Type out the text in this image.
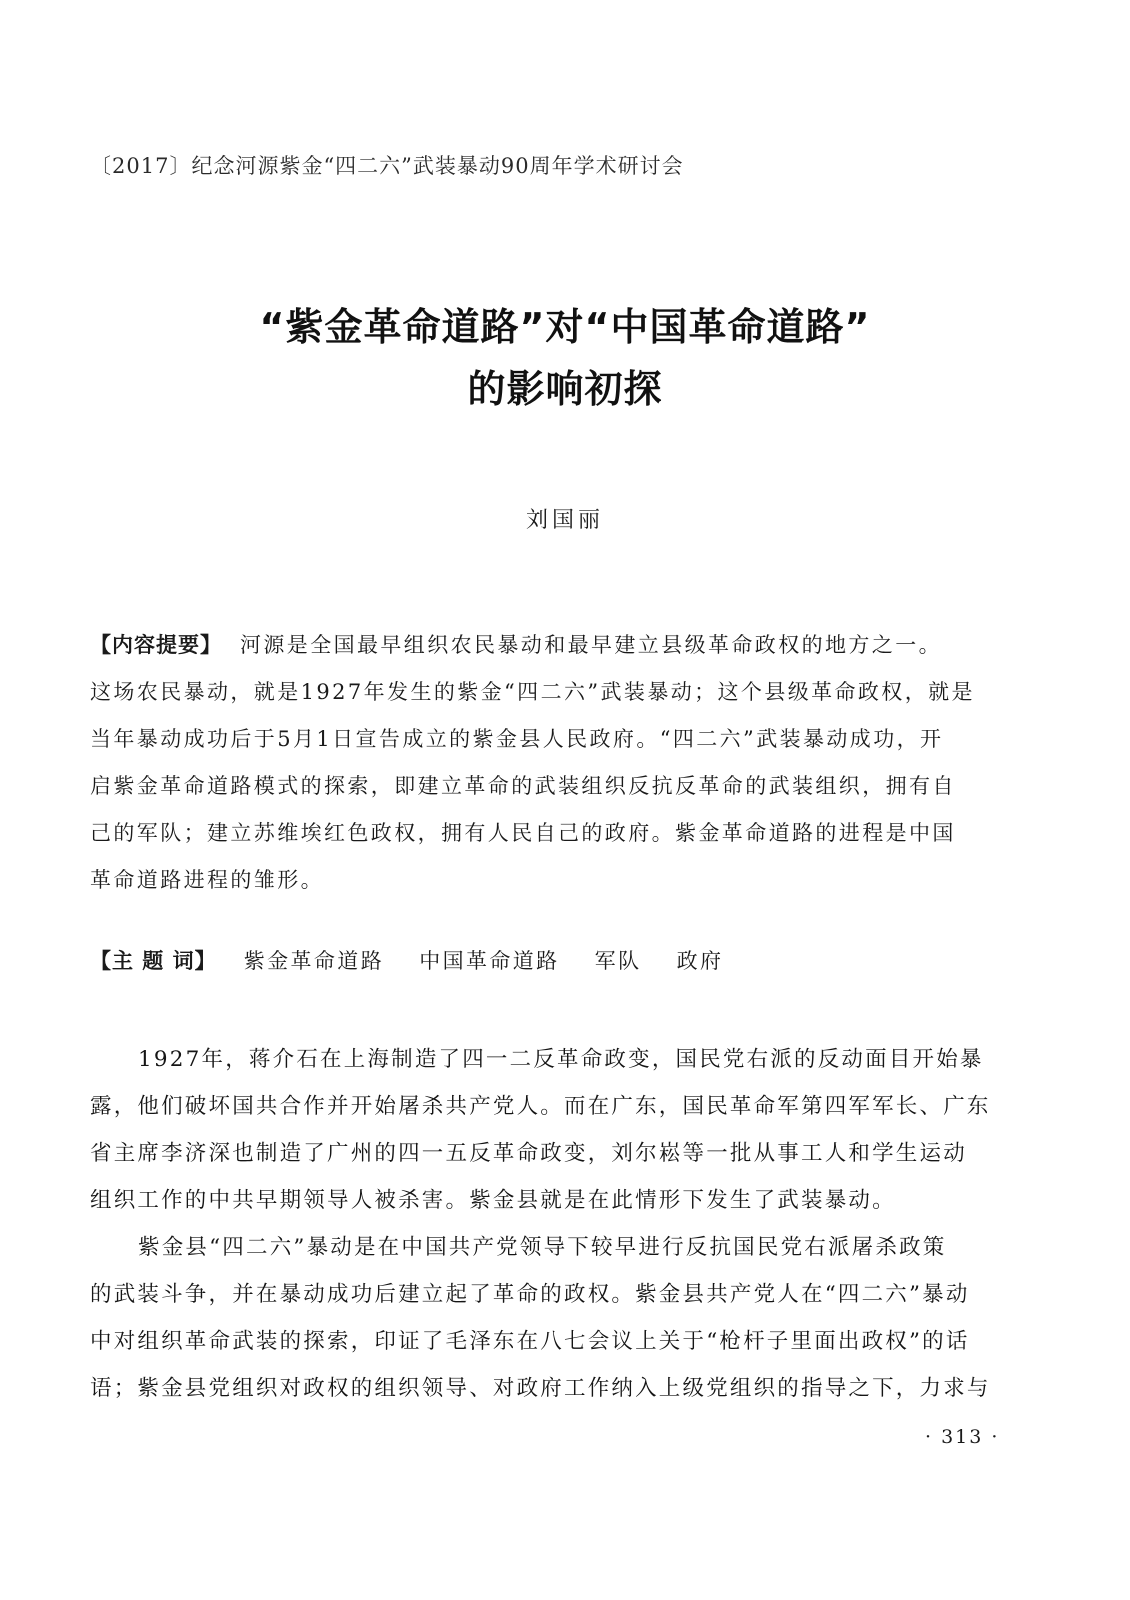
〔2017〕纪念河源紫金“四二六”武装暴动90周年学术研讨会
“紫金革命道路”对“中国革命道路”
的影响初探
刘国丽
【内容提要】 河源是全国最早组织农民暴动和最早建立县级革命政权的地方之一。
这场农民暴动，就是1927年发生的紫金“四二六”武装暴动；这个县级革命政权，就是
当年暴动成功后于5月1日宣告成立的紫金县人民政府。“四二六”武装暴动成功，开
启紫金革命道路模式的探索，即建立革命的武装组织反抗反革命的武装组织，拥有自
己的军队；建立苏维埃红色政权，拥有人民自己的政府。紫金革命道路的进程是中国
革命道路进程的雏形。
【主 题 词】 紫金革命道路 中国革命道路 军队 政府
1927年，蒋介石在上海制造了四一二反革命政变，国民党右派的反动面目开始暴
露，他们破坏国共合作并开始屠杀共产党人。而在广东，国民革命军第四军军长、广东
省主席李济深也制造了广州的四一五反革命政变，刘尔崧等一批从事工人和学生运动
组织工作的中共早期领导人被杀害。紫金县就是在此情形下发生了武装暴动。
紫金县“四二六”暴动是在中国共产党领导下较早进行反抗国民党右派屠杀政策
的武装斗争，并在暴动成功后建立起了革命的政权。紫金县共产党人在“四二六”暴动
中对组织革命武装的探索，印证了毛泽东在八七会议上关于“枪杆子里面出政权”的话
语；紫金县党组织对政权的组织领导、对政府工作纳入上级党组织的指导之下，力求与
· 313 ·
